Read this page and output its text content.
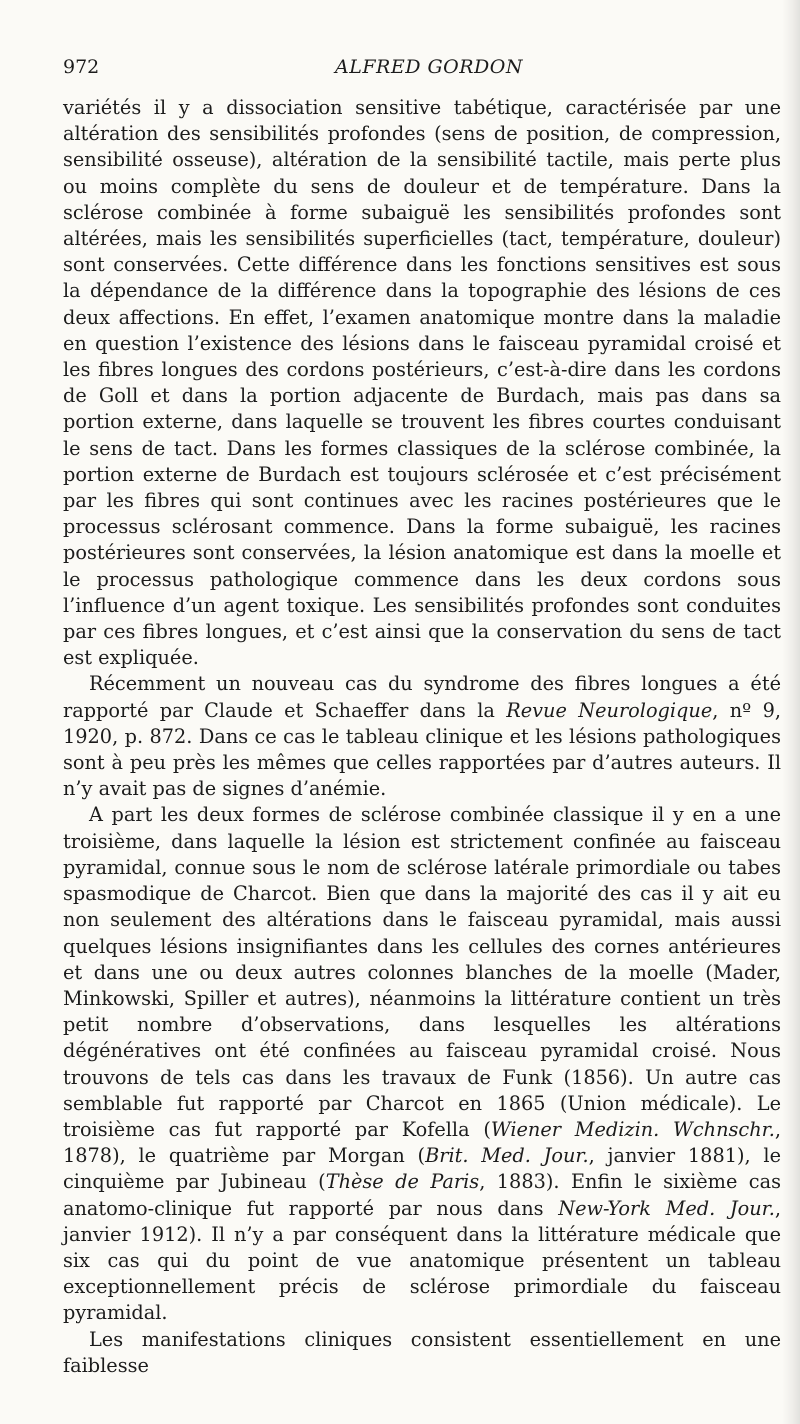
972	ALFRED GORDON

variétés il y a dissociation sensitive tabétique, caractérisée par une altération des sensibilités profondes (sens de position, de compression, sensibilité osseuse), altération de la sensibilité tactile, mais perte plus ou moins complète du sens de douleur et de température. Dans la sclérose combinée à forme subaiguë les sensibilités profondes sont altérées, mais les sensibilités superficielles (tact, température, douleur) sont conservées. Cette différence dans les fonctions sensitives est sous la dépendance de la différence dans la topographie des lésions de ces deux affections. En effet, l’examen anatomique montre dans la maladie en question l’existence des lésions dans le faisceau pyramidal croisé et les fibres longues des cordons postérieurs, c’est-à-dire dans les cordons de Goll et dans la portion adjacente de Burdach, mais pas dans sa portion externe, dans laquelle se trouvent les fibres courtes conduisant le sens de tact. Dans les formes classiques de la sclérose combinée, la portion externe de Burdach est toujours sclérosée et c’est précisément par les fibres qui sont continues avec les racines postérieures que le processus sclérosant commence. Dans la forme subaiguë, les racines postérieures sont conservées, la lésion anatomique est dans la moelle et le processus pathologique commence dans les deux cordons sous l’influence d’un agent toxique. Les sensibilités profondes sont conduites par ces fibres longues, et c’est ainsi que la conservation du sens de tact est expliquée.

Récemment un nouveau cas du syndrome des fibres longues a été rapporté par Claude et Schaeffer dans la Revue Neurologique, nº 9, 1920, p. 872. Dans ce cas le tableau clinique et les lésions pathologiques sont à peu près les mêmes que celles rapportées par d’autres auteurs. Il n’y avait pas de signes d’anémie.

A part les deux formes de sclérose combinée classique il y en a une troisième, dans laquelle la lésion est strictement confinée au faisceau pyramidal, connue sous le nom de sclérose latérale primordiale ou tabes spasmodique de Charcot. Bien que dans la majorité des cas il y ait eu non seulement des altérations dans le faisceau pyramidal, mais aussi quelques lésions insignifiantes dans les cellules des cornes antérieures et dans une ou deux autres colonnes blanches de la moelle (Mader, Minkowski, Spiller et autres), néanmoins la littérature contient un très petit nombre d’observations, dans lesquelles les altérations dégénératives ont été confinées au faisceau pyramidal croisé. Nous trouvons de tels cas dans les travaux de Funk (1856). Un autre cas semblable fut rapporté par Charcot en 1865 (Union médicale). Le troisième cas fut rapporté par Kofella (Wiener Medizin. Wchnschr., 1878), le quatrième par Morgan (Brit. Med. Jour., janvier 1881), le cinquième par Jubineau (Thèse de Paris, 1883). Enfin le sixième cas anatomo-clinique fut rapporté par nous dans New-York Med. Jour., janvier 1912). Il n’y a par conséquent dans la littérature médicale que six cas qui du point de vue anatomique présentent un tableau exceptionnellement précis de sclérose primordiale du faisceau pyramidal.

Les manifestations cliniques consistent essentiellement en une faiblesse
